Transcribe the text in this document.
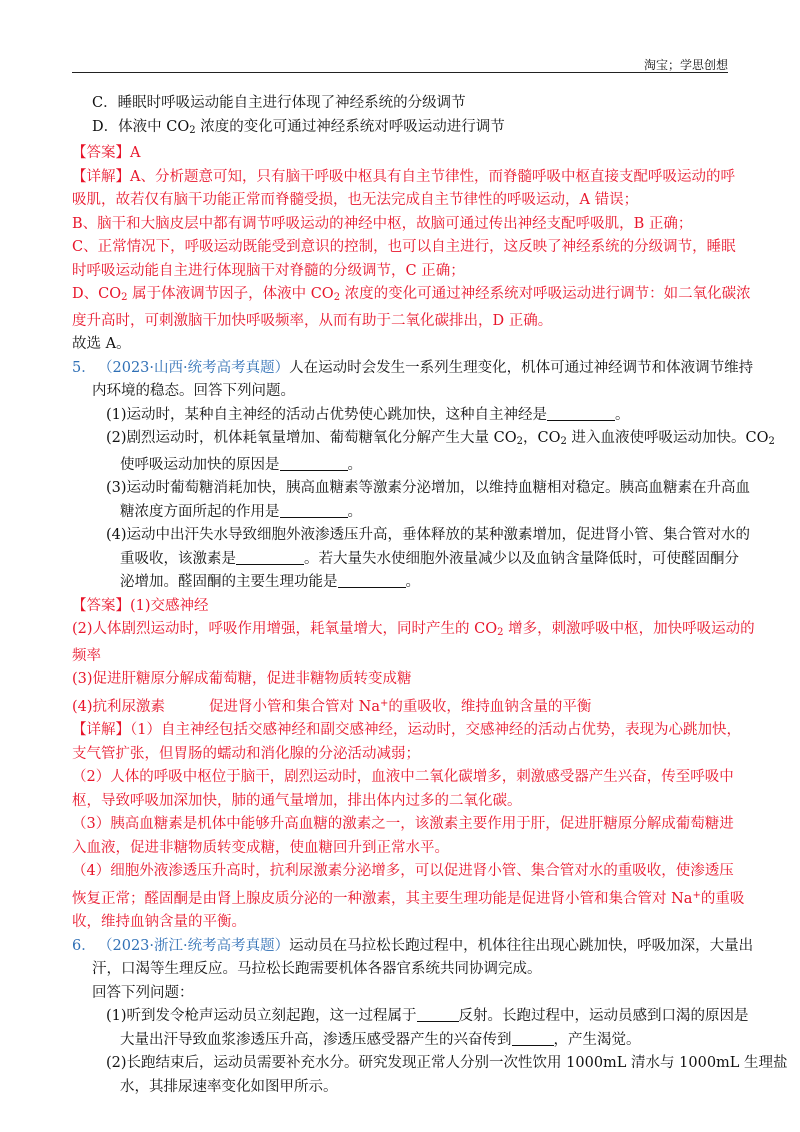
淘宝；学思创想
C．睡眠时呼吸运动能自主进行体现了神经系统的分级调节
D．体液中 $CO_2$ 浓度的变化可通过神经系统对呼吸运动进行调节
【答案】A
【详解】A、分析题意可知，只有脑干呼吸中枢具有自主节律性，而脊髓呼吸中枢直接支配呼吸运动的呼
吸肌，故若仅有脑干功能正常而脊髓受损，也无法完成自主节律性的呼吸运动，A 错误；
B、脑干和大脑皮层中都有调节呼吸运动的神经中枢，故脑可通过传出神经支配呼吸肌，B 正确；
C、正常情况下，呼吸运动既能受到意识的控制，也可以自主进行，这反映了神经系统的分级调节，睡眠
时呼吸运动能自主进行体现脑干对脊髓的分级调节，C 正确；
D、$CO_2$ 属于体液调节因子，体液中 $CO_2$ 浓度的变化可通过神经系统对呼吸运动进行调节：如二氧化碳浓
度升高时，可刺激脑干加快呼吸频率，从而有助于二氧化碳排出，D 正确。
故选 A。
5． （2023·山西·统考高考真题）人在运动时会发生一系列生理变化，机体可通过神经调节和体液调节维持
内环境的稳态。回答下列问题。
(1)运动时，某种自主神经的活动占优势使心跳加快，这种自主神经是	。
(2)剧烈运动时，机体耗氧量增加、葡萄糖氧化分解产生大量 $CO_2$，$CO_2$ 进入血液使呼吸运动加快。$CO_2$
使呼吸运动加快的原因是	。
(3)运动时葡萄糖消耗加快，胰高血糖素等激素分泌增加，以维持血糖相对稳定。胰高血糖素在升高血
糖浓度方面所起的作用是	。
(4)运动中出汗失水导致细胞外液渗透压升高，垂体释放的某种激素增加，促进肾小管、集合管对水的
重吸收，该激素是	。若大量失水使细胞外液量减少以及血钠含量降低时，可使醛固酮分
泌增加。醛固酮的主要生理功能是	。
【答案】(1)交感神经
(2)人体剧烈运动时，呼吸作用增强，耗氧量增大，同时产生的 $CO_2$ 增多，刺激呼吸中枢，加快呼吸运动的
频率
(3)促进肝糖原分解成葡萄糖，促进非糖物质转变成糖
(4)抗利尿激素	促进肾小管和集合管对 Na+的重吸收，维持血钠含量的平衡
【详解】（1）自主神经包括交感神经和副交感神经，运动时，交感神经的活动占优势，表现为心跳加快，
支气管扩张，但胃肠的蠕动和消化腺的分泌活动减弱；
（2）人体的呼吸中枢位于脑干，剧烈运动时，血液中二氧化碳增多，刺激感受器产生兴奋，传至呼吸中
枢，导致呼吸加深加快，肺的通气量增加，排出体内过多的二氧化碳。
（3）胰高血糖素是机体中能够升高血糖的激素之一，该激素主要作用于肝，促进肝糖原分解成葡萄糖进
入血液，促进非糖物质转变成糖，使血糖回升到正常水平。
（4）细胞外液渗透压升高时，抗利尿激素分泌增多，可以促进肾小管、集合管对水的重吸收，使渗透压
恢复正常；醛固酮是由肾上腺皮质分泌的一种激素，其主要生理功能是促进肾小管和集合管对 Na+的重吸
收，维持血钠含量的平衡。
6． （2023·浙江·统考高考真题）运动员在马拉松长跑过程中，机体往往出现心跳加快，呼吸加深，大量出
汗，口渴等生理反应。马拉松长跑需要机体各器官系统共同协调完成。
回答下列问题：
(1)听到发令枪声运动员立刻起跑，这一过程属于	反射。长跑过程中，运动员感到口渴的原因是
大量出汗导致血浆渗透压升高，渗透压感受器产生的兴奋传到	，产生渴觉。
(2)长跑结束后，运动员需要补充水分。研究发现正常人分别一次性饮用 1000mL 清水与 1000mL 生理盐
水，其排尿速率变化如图甲所示。
